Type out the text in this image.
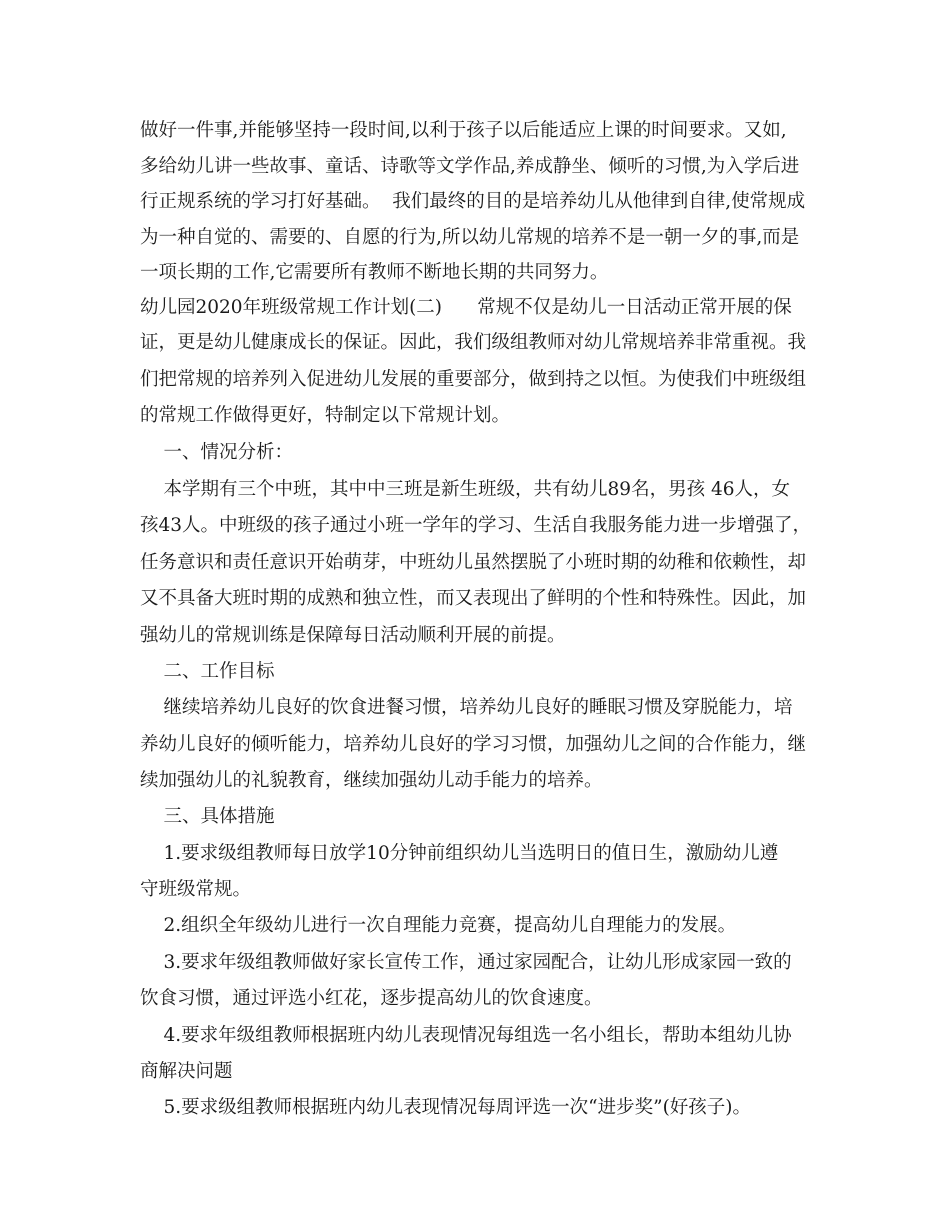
做好一件事,并能够坚持一段时间,以利于孩子以后能适应上课的时间要求。又如,
多给幼儿讲一些故事、童话、诗歌等文学作品,养成静坐、倾听的习惯,为入学后进
行正规系统的学习打好基础。  我们最终的目的是培养幼儿从他律到自律,使常规成
为一种自觉的、需要的、自愿的行为,所以幼儿常规的培养不是一朝一夕的事,而是
一项长期的工作,它需要所有教师不断地长期的共同努力。
幼儿园2020年班级常规工作计划(二)      常规不仅是幼儿一日活动正常开展的保
证，更是幼儿健康成长的保证。因此，我们级组教师对幼儿常规培养非常重视。我
们把常规的培养列入促进幼儿发展的重要部分，做到持之以恒。为使我们中班级组
的常规工作做得更好，特制定以下常规计划。
一、情况分析：
本学期有三个中班，其中中三班是新生班级，共有幼儿89名，男孩 46人，女
孩43人。中班级的孩子通过小班一学年的学习、生活自我服务能力进一步增强了，
任务意识和责任意识开始萌芽，中班幼儿虽然摆脱了小班时期的幼稚和依赖性，却
又不具备大班时期的成熟和独立性，而又表现出了鲜明的个性和特殊性。因此，加
强幼儿的常规训练是保障每日活动顺利开展的前提。
二、工作目标
继续培养幼儿良好的饮食进餐习惯，培养幼儿良好的睡眠习惯及穿脱能力，培
养幼儿良好的倾听能力，培养幼儿良好的学习习惯，加强幼儿之间的合作能力，继
续加强幼儿的礼貌教育，继续加强幼儿动手能力的培养。
三、具体措施
1.要求级组教师每日放学10分钟前组织幼儿当选明日的值日生，激励幼儿遵
守班级常规。
2.组织全年级幼儿进行一次自理能力竞赛，提高幼儿自理能力的发展。
3.要求年级组教师做好家长宣传工作，通过家园配合，让幼儿形成家园一致的
饮食习惯，通过评选小红花，逐步提高幼儿的饮食速度。
4.要求年级组教师根据班内幼儿表现情况每组选一名小组长，帮助本组幼儿协
商解决问题
5.要求级组教师根据班内幼儿表现情况每周评选一次“进步奖”(好孩子)。
